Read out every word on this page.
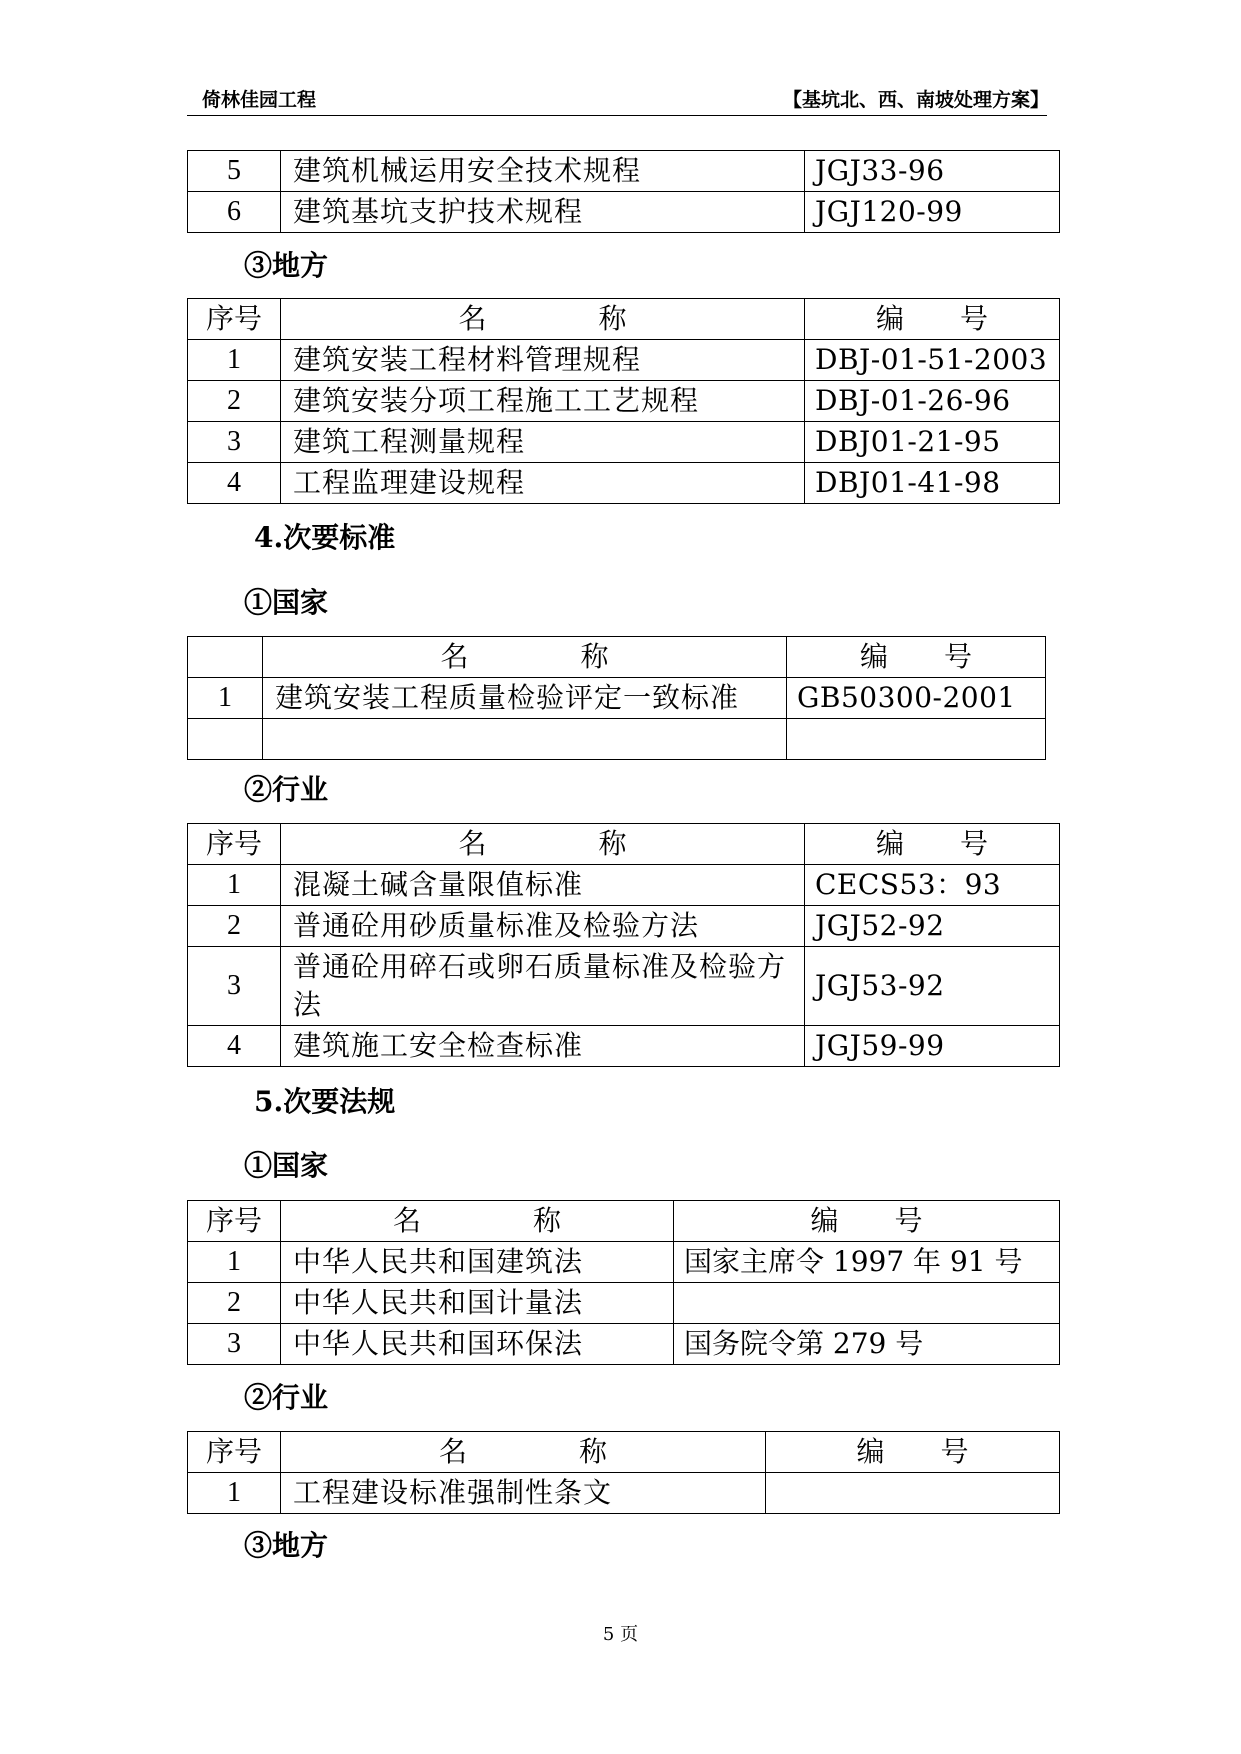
倚林佳园工程	【基坑北、西、南坡处理方案】
5	建筑机械运用安全技术规程	JGJ33-96
6	建筑基坑支护技术规程	JGJ120-99
③地方
序号	名　　　　称	编　　号
1	建筑安装工程材料管理规程	DBJ-01-51-2003
2	建筑安装分项工程施工工艺规程	DBJ-01-26-96
3	建筑工程测量规程	DBJ01-21-95
4	工程监理建设规程	DBJ01-41-98
4.次要标准
①国家
	名　　　　称	编　　号
1	建筑安装工程质量检验评定一致标准	GB50300-2001

②行业
序号	名　　　　称	编　　号
1	混凝土碱含量限值标准	CECS53：93
2	普通砼用砂质量标准及检验方法	JGJ52-92
3	普通砼用碎石或卵石质量标准及检验方法	JGJ53-92
4	建筑施工安全检查标准	JGJ59-99
5.次要法规
①国家
序号	名　　　　称	编　　号
1	中华人民共和国建筑法	国家主席令 1997 年 91 号
2	中华人民共和国计量法	
3	中华人民共和国环保法	国务院令第 279 号
②行业
序号	名　　　　称	编　　号
1	工程建设标准强制性条文	
③地方
5 页
